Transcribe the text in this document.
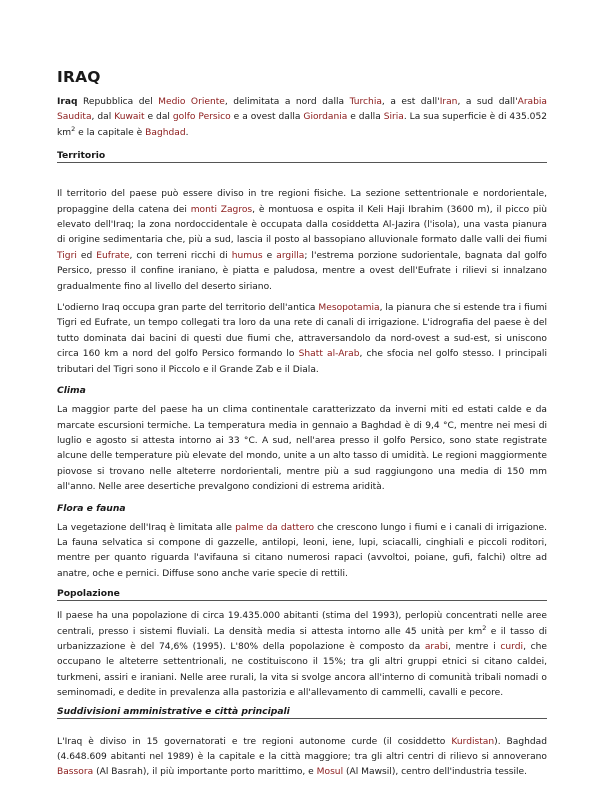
IRAQ

Iraq Repubblica del Medio Oriente, delimitata a nord dalla Turchia, a est dall'Iran, a sud dall'Arabia Saudita, dal Kuwait e dal golfo Persico e a ovest dalla Giordania e dalla Siria. La sua superficie è di 435.052 $km^2$ e la capitale è Baghdad.

Territorio

Il territorio del paese può essere diviso in tre regioni fisiche. La sezione settentrionale e nordorientale, propaggine della catena dei monti Zagros, è montuosa e ospita il Keli Haji Ibrahim (3600 m), il picco più elevato dell'Iraq; la zona nordoccidentale è occupata dalla cosiddetta Al-Jazira (l'isola), una vasta pianura di origine sedimentaria che, più a sud, lascia il posto al bassopiano alluvionale formato dalle valli dei fiumi Tigri ed Eufrate, con terreni ricchi di humus e argilla; l'estrema porzione sudorientale, bagnata dal golfo Persico, presso il confine iraniano, è piatta e paludosa, mentre a ovest dell'Eufrate i rilievi si innalzano gradualmente fino al livello del deserto siriano.

L'odierno Iraq occupa gran parte del territorio dell'antica Mesopotamia, la pianura che si estende tra i fiumi Tigri ed Eufrate, un tempo collegati tra loro da una rete di canali di irrigazione. L'idrografia del paese è del tutto dominata dai bacini di questi due fiumi che, attraversandolo da nord-ovest a sud-est, si uniscono circa 160 km a nord del golfo Persico formando lo Shatt al-Arab, che sfocia nel golfo stesso. I principali tributari del Tigri sono il Piccolo e il Grande Zab e il Diala.

Clima

La maggior parte del paese ha un clima continentale caratterizzato da inverni miti ed estati calde e da marcate escursioni termiche. La temperatura media in gennaio a Baghdad è di 9,4 °C, mentre nei mesi di luglio e agosto si attesta intorno ai 33 °C. A sud, nell'area presso il golfo Persico, sono state registrate alcune delle temperature più elevate del mondo, unite a un alto tasso di umidità. Le regioni maggiormente piovose si trovano nelle alteterre nordorientali, mentre più a sud raggiungono una media di 150 mm all'anno. Nelle aree desertiche prevalgono condizioni di estrema aridità.

Flora e fauna

La vegetazione dell'Iraq è limitata alle palme da dattero che crescono lungo i fiumi e i canali di irrigazione. La fauna selvatica si compone di gazzelle, antilopi, leoni, iene, lupi, sciacalli, cinghiali e piccoli roditori, mentre per quanto riguarda l'avifauna si citano numerosi rapaci (avvoltoi, poiane, gufi, falchi) oltre ad anatre, oche e pernici. Diffuse sono anche varie specie di rettili.

Popolazione

Il paese ha una popolazione di circa 19.435.000 abitanti (stima del 1993), perlopiù concentrati nelle aree centrali, presso i sistemi fluviali. La densità media si attesta intorno alle 45 unità per $km^2$ e il tasso di urbanizzazione è del 74,6% (1995). L'80% della popolazione è composto da arabi, mentre i curdi, che occupano le alteterre settentrionali, ne costituiscono il 15%; tra gli altri gruppi etnici si citano caldei, turkmeni, assiri e iraniani. Nelle aree rurali, la vita si svolge ancora all'interno di comunità tribali nomadi o seminomadi, e dedite in prevalenza alla pastorizia e all'allevamento di cammelli, cavalli e pecore.

Suddivisioni amministrative e città principali

L'Iraq è diviso in 15 governatorati e tre regioni autonome curde (il cosiddetto Kurdistan). Baghdad (4.648.609 abitanti nel 1989) è la capitale e la città maggiore; tra gli altri centri di rilievo si annoverano Bassora (Al Basrah), il più importante porto marittimo, e Mosul (Al Mawsil), centro dell'industria tessile.
